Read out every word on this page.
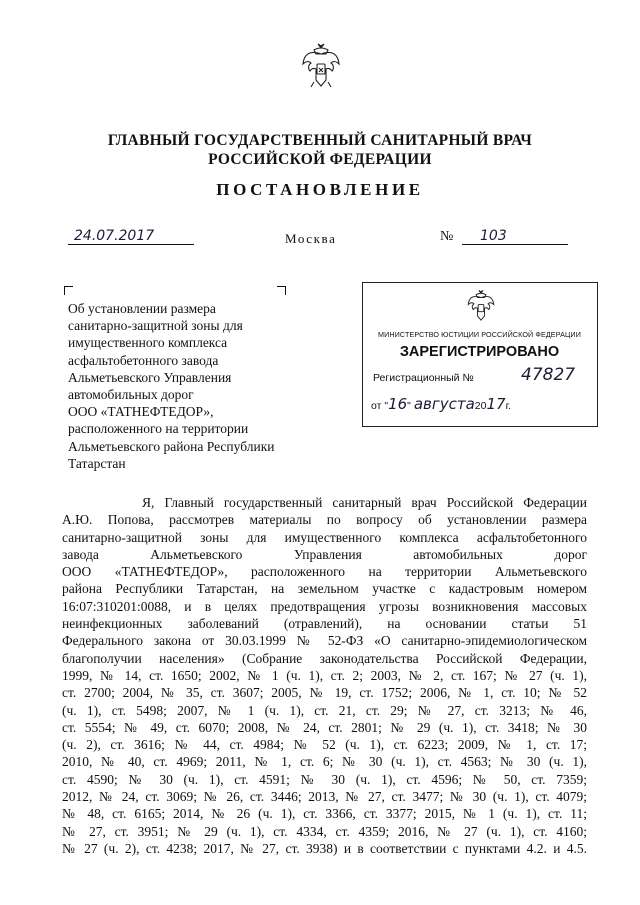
ГЛАВНЫЙ ГОСУДАРСТВЕННЫЙ САНИТАРНЫЙ ВРАЧ
РОССИЙСКОЙ ФЕДЕРАЦИИ
ПОСТАНОВЛЕНИЕ
24.07.2017	Москва	№	103
Об установлении размера
санитарно-защитной зоны для
имущественного комплекса
асфальтобетонного завода
Альметьевского Управления
автомобильных дорог
ООО «ТАТНЕФТЕДОР»,
расположенного на территории
Альметьевского района Республики
Татарстан
МИНИСТЕРСТВО ЮСТИЦИИ РОССИЙСКОЙ ФЕДЕРАЦИИ
ЗАРЕГИСТРИРОВАНО
Регистрационный №	47827
от "16" августа2017г.
Я, Главный государственный санитарный врач Российской Федерации
А.Ю. Попова, рассмотрев материалы по вопросу об установлении размера
санитарно-защитной зоны для имущественного комплекса асфальтобетонного
завода Альметьевского Управления автомобильных дорог
ООО «ТАТНЕФТЕДОР», расположенного на территории Альметьевского
района Республики Татарстан, на земельном участке с кадастровым номером
16:07:310201:0088, и в целях предотвращения угрозы возникновения массовых
неинфекционных заболеваний (отравлений), на основании статьи 51
Федерального закона от 30.03.1999 № 52-ФЗ «О санитарно-эпидемиологическом
благополучии населения» (Собрание законодательства Российской Федерации,
1999, № 14, ст. 1650; 2002, № 1 (ч. 1), ст. 2; 2003, № 2, ст. 167; № 27 (ч. 1),
ст. 2700; 2004, № 35, ст. 3607; 2005, № 19, ст. 1752; 2006, № 1, ст. 10; № 52
(ч. 1), ст. 5498; 2007, № 1 (ч. 1), ст. 21, ст. 29; № 27, ст. 3213; № 46,
ст. 5554; № 49, ст. 6070; 2008, № 24, ст. 2801; № 29 (ч. 1), ст. 3418; № 30
(ч. 2), ст. 3616; № 44, ст. 4984; № 52 (ч. 1), ст. 6223; 2009, № 1, ст. 17;
2010, № 40, ст. 4969; 2011, № 1, ст. 6; № 30 (ч. 1), ст. 4563; № 30 (ч. 1),
ст. 4590; № 30 (ч. 1), ст. 4591; № 30 (ч. 1), ст. 4596; № 50, ст. 7359;
2012, № 24, ст. 3069; № 26, ст. 3446; 2013, № 27, ст. 3477; № 30 (ч. 1), ст. 4079;
№ 48, ст. 6165; 2014, № 26 (ч. 1), ст. 3366, ст. 3377; 2015, № 1 (ч. 1), ст. 11;
№ 27, ст. 3951; № 29 (ч. 1), ст. 4334, ст. 4359; 2016, № 27 (ч. 1), ст. 4160;
№ 27 (ч. 2), ст. 4238; 2017, № 27, ст. 3938) и в соответствии с пунктами 4.2. и 4.5.
